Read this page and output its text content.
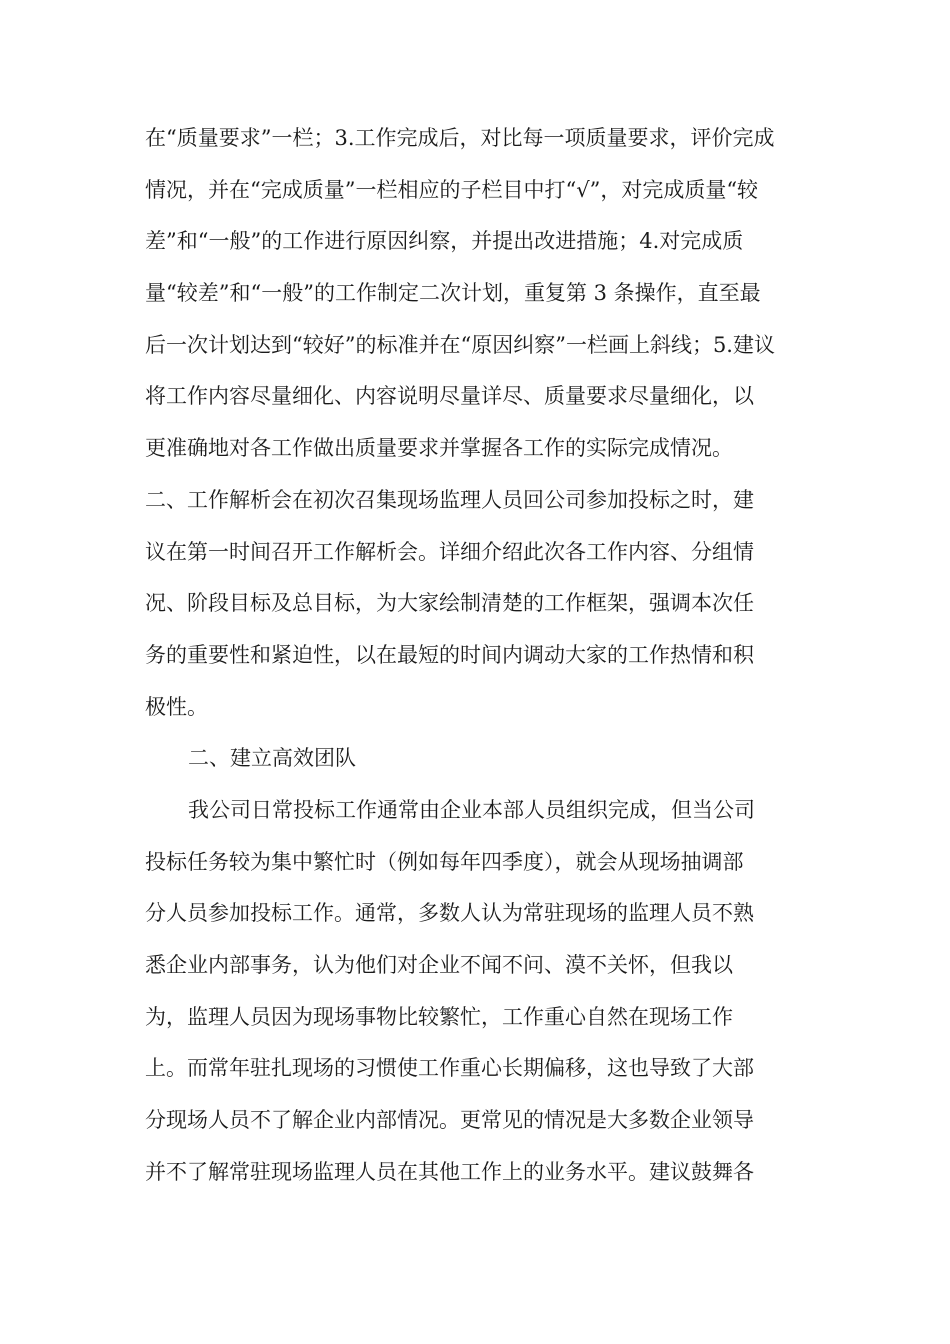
在“质量要求”一栏；3.工作完成后，对比每一项质量要求，评价完成
情况，并在“完成质量”一栏相应的子栏目中打“√”，对完成质量“较
差”和“一般”的工作进行原因纠察，并提出改进措施；4.对完成质
量“较差”和“一般”的工作制定二次计划，重复第 3 条操作，直至最
后一次计划达到“较好”的标准并在“原因纠察”一栏画上斜线；5.建议
将工作内容尽量细化、内容说明尽量详尽、质量要求尽量细化，以
更准确地对各工作做出质量要求并掌握各工作的实际完成情况。
二、工作解析会在初次召集现场监理人员回公司参加投标之时，建
议在第一时间召开工作解析会。详细介绍此次各工作内容、分组情
况、阶段目标及总目标，为大家绘制清楚的工作框架，强调本次任
务的重要性和紧迫性，以在最短的时间内调动大家的工作热情和积
极性。
二、建立高效团队
我公司日常投标工作通常由企业本部人员组织完成，但当公司
投标任务较为集中繁忙时（例如每年四季度），就会从现场抽调部
分人员参加投标工作。通常，多数人认为常驻现场的监理人员不熟
悉企业内部事务，认为他们对企业不闻不问、漠不关怀，但我以
为，监理人员因为现场事物比较繁忙，工作重心自然在现场工作
上。而常年驻扎现场的习惯使工作重心长期偏移，这也导致了大部
分现场人员不了解企业内部情况。更常见的情况是大多数企业领导
并不了解常驻现场监理人员在其他工作上的业务水平。建议鼓舞各
